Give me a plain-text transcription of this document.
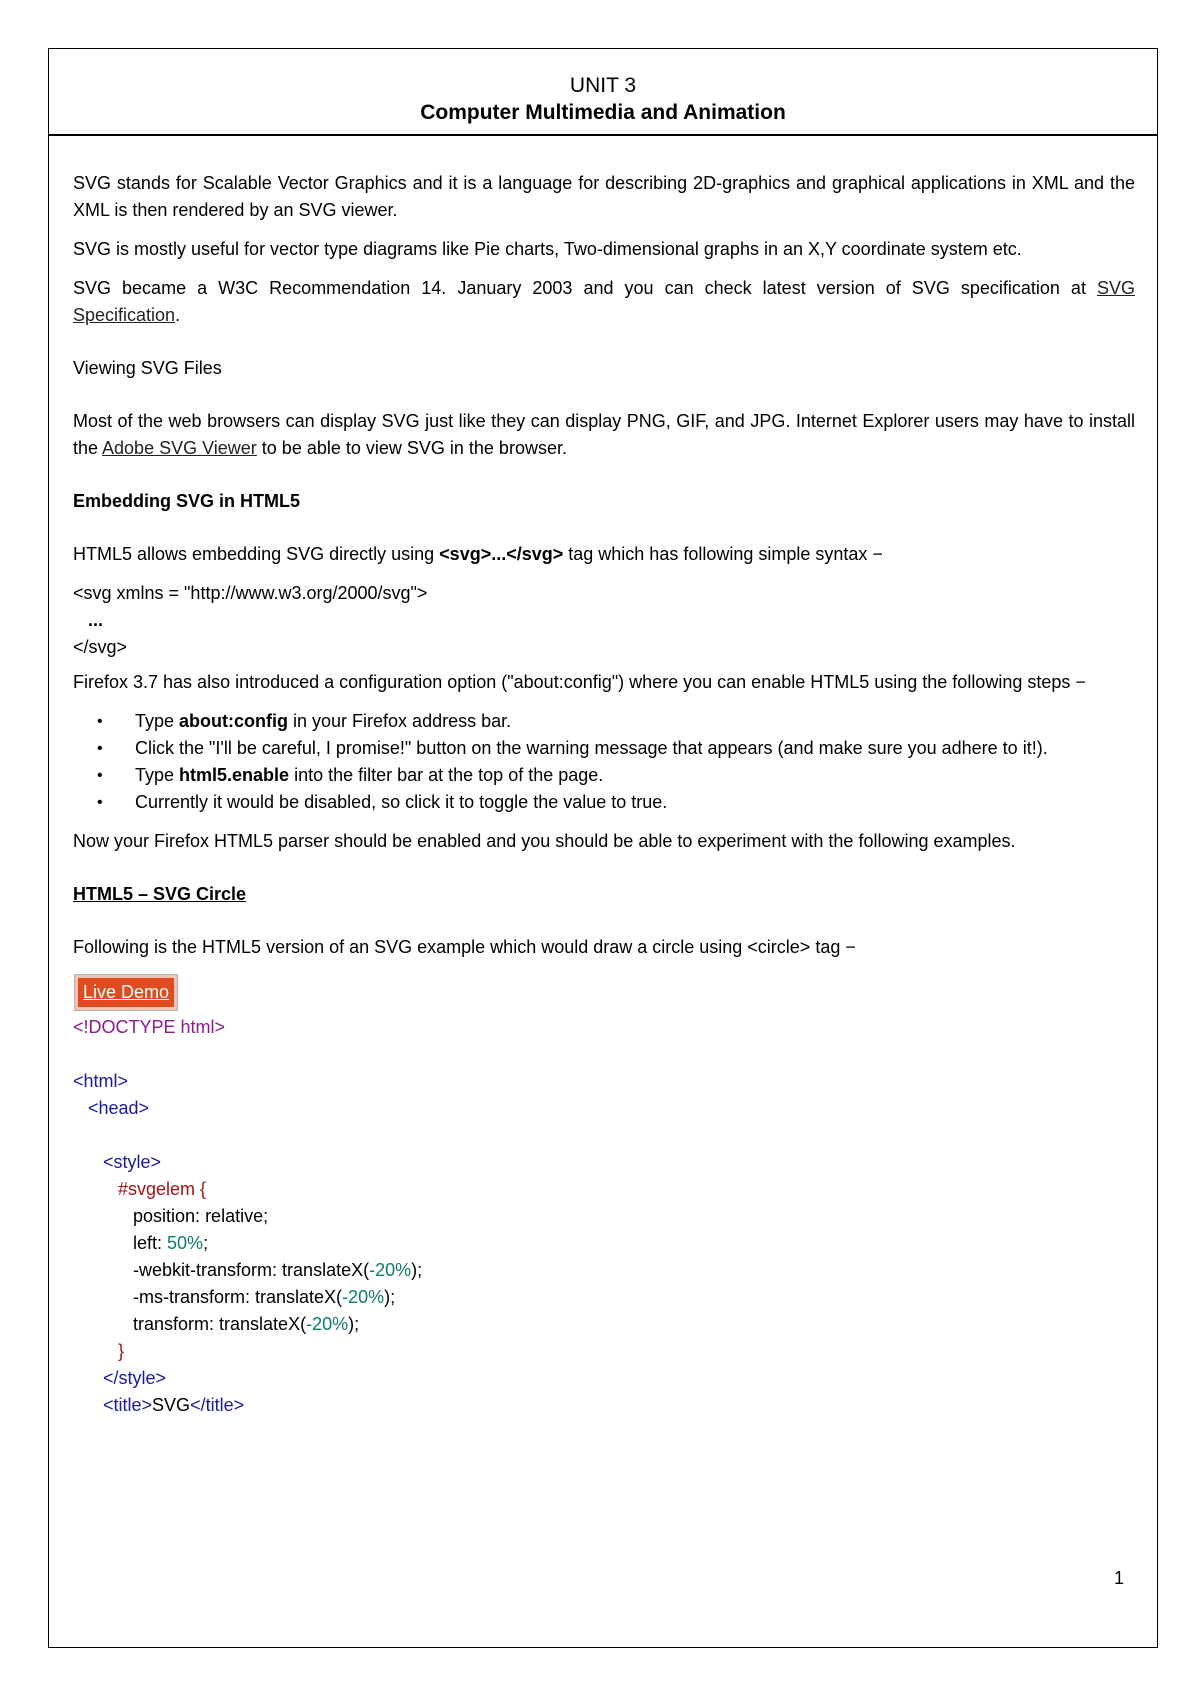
UNIT 3
Computer Multimedia and Animation

SVG stands for Scalable Vector Graphics and it is a language for describing 2D-graphics and graphical applications in XML and the XML is then rendered by an SVG viewer.

SVG is mostly useful for vector type diagrams like Pie charts, Two-dimensional graphs in an X,Y coordinate system etc.

SVG became a W3C Recommendation 14. January 2003 and you can check latest version of SVG specification at SVG Specification.

Viewing SVG Files

Most of the web browsers can display SVG just like they can display PNG, GIF, and JPG. Internet Explorer users may have to install the Adobe SVG Viewer to be able to view SVG in the browser.

Embedding SVG in HTML5

HTML5 allows embedding SVG directly using <svg>...</svg> tag which has following simple syntax −

<svg xmlns = "http://www.w3.org/2000/svg">
...
</svg>

Firefox 3.7 has also introduced a configuration option ("about:config") where you can enable HTML5 using the following steps −

• Type about:config in your Firefox address bar.
• Click the "I'll be careful, I promise!" button on the warning message that appears (and make sure you adhere to it!).
• Type html5.enable into the filter bar at the top of the page.
• Currently it would be disabled, so click it to toggle the value to true.

Now your Firefox HTML5 parser should be enabled and you should be able to experiment with the following examples.

HTML5 – SVG Circle

Following is the HTML5 version of an SVG example which would draw a circle using <circle> tag −

Live Demo
<!DOCTYPE html>
<html>
<head>
<style>
#svgelem {
position: relative;
left: 50%;
-webkit-transform: translateX(-20%);
-ms-transform: translateX(-20%);
transform: translateX(-20%);
}
</style>
<title>SVG</title>
1
